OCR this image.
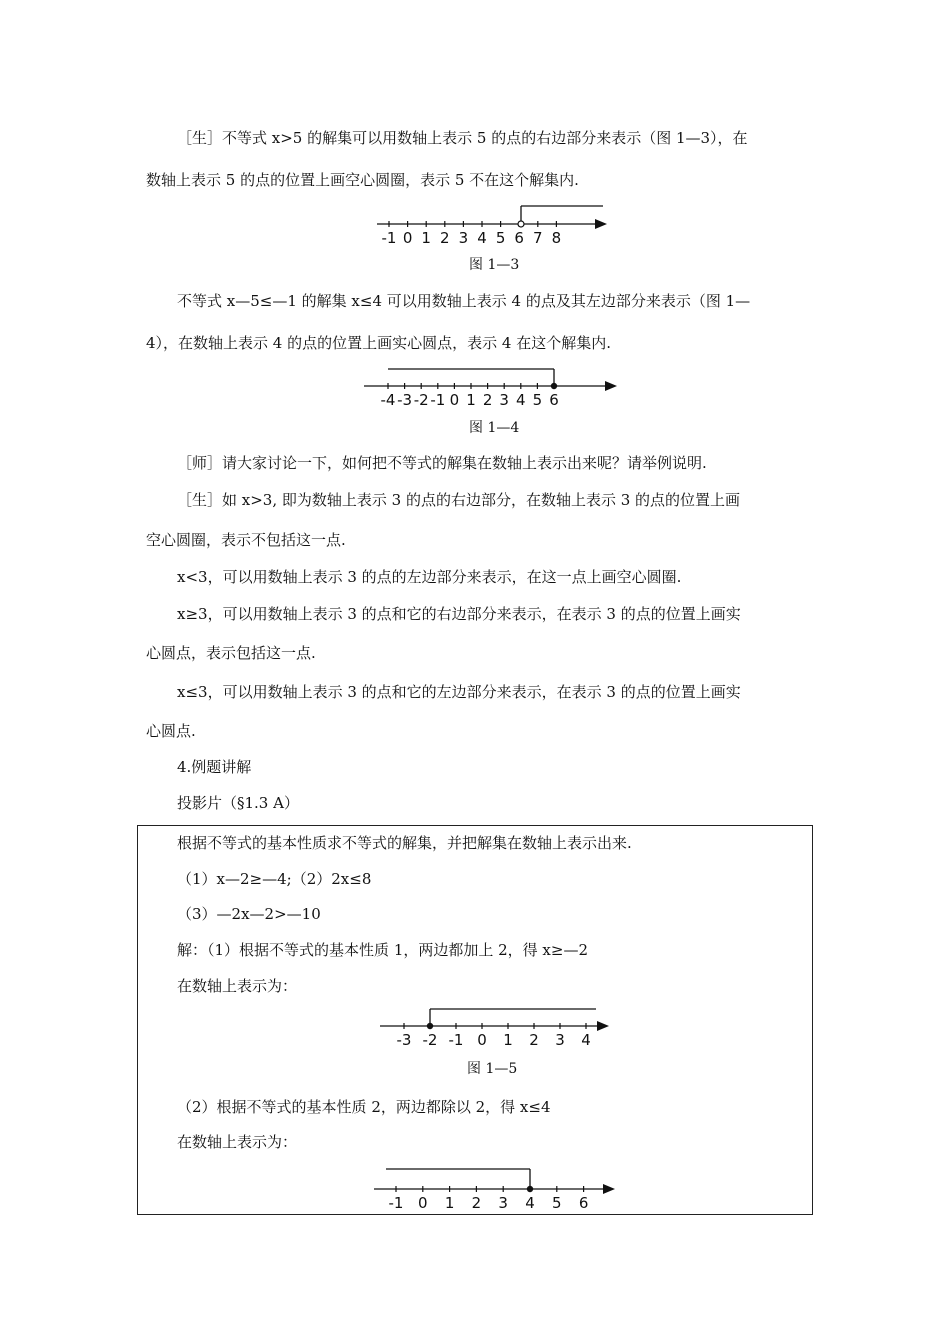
［生］不等式 x>5 的解集可以用数轴上表示 5 的点的右边部分来表示（图 1—3），在
数轴上表示 5 的点的位置上画空心圆圈，表示 5 不在这个解集内.
-1 0 1 2 3 4 5 6 7 8
图 1—3
不等式 x—5≤—1 的解集 x≤4 可以用数轴上表示 4 的点及其左边部分来表示（图 1—
4），在数轴上表示 4 的点的位置上画实心圆点，表示 4 在这个解集内.
-4 -3 -2 -1 0 1 2 3 4 5 6
图 1—4
［师］请大家讨论一下，如何把不等式的解集在数轴上表示出来呢？请举例说明.
［生］如 x>3, 即为数轴上表示 3 的点的右边部分，在数轴上表示 3 的点的位置上画
空心圆圈，表示不包括这一点.
x<3，可以用数轴上表示 3 的点的左边部分来表示，在这一点上画空心圆圈.
x≥3，可以用数轴上表示 3 的点和它的右边部分来表示，在表示 3 的点的位置上画实
心圆点，表示包括这一点.
x≤3，可以用数轴上表示 3 的点和它的左边部分来表示，在表示 3 的点的位置上画实
心圆点.
4.例题讲解
投影片（§1.3 A）
根据不等式的基本性质求不等式的解集，并把解集在数轴上表示出来.
（1）x—2≥—4;（2）2x≤8
（3）—2x—2>—10
解：（1）根据不等式的基本性质 1，两边都加上 2，得 x≥—2
在数轴上表示为：
-3 -2 -1 0 1 2 3 4
图 1—5
（2）根据不等式的基本性质 2，两边都除以 2，得 x≤4
在数轴上表示为：
-1 0 1 2 3 4 5 6
